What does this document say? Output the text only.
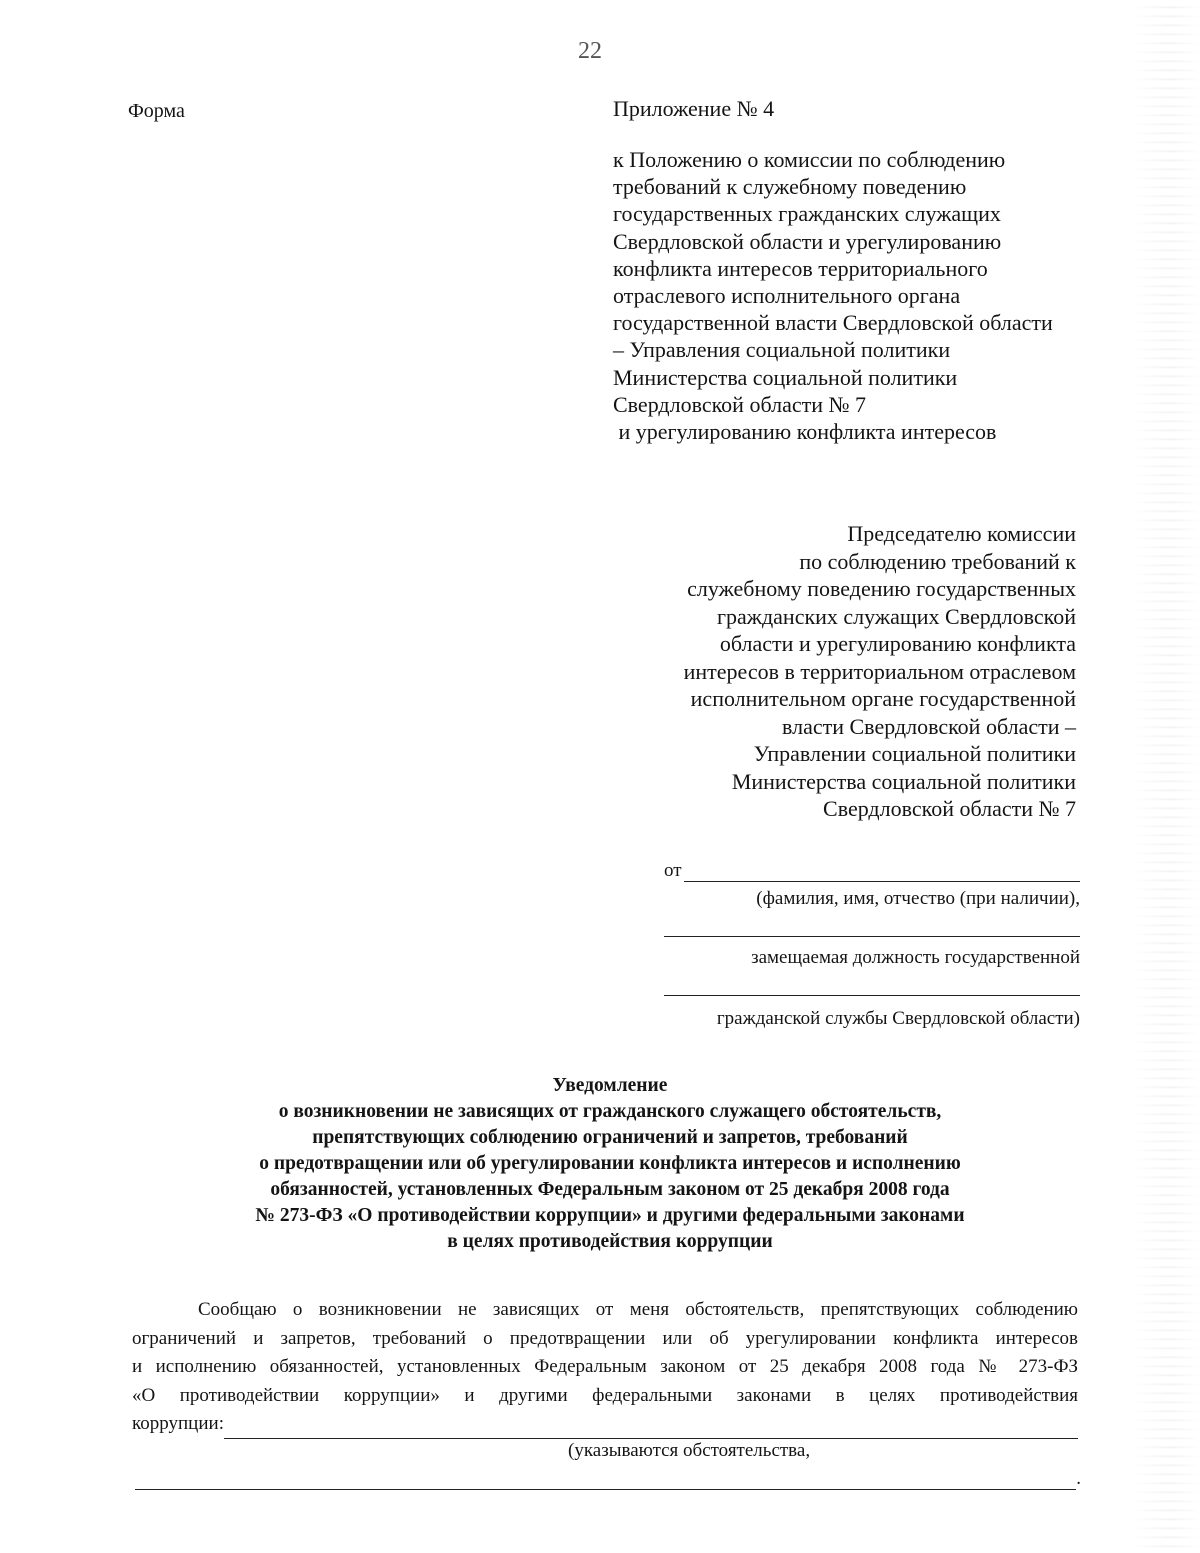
22
Форма	Приложение № 4
к Положению о комиссии по соблюдению
требований к служебному поведению
государственных гражданских служащих
Свердловской области и урегулированию
конфликта интересов территориального
отраслевого исполнительного органа
государственной власти Свердловской области
– Управления социальной политики
Министерства социальной политики
Свердловской области № 7
и урегулированию конфликта интересов
Председателю комиссии
по соблюдению требований к
служебному поведению государственных
гражданских служащих Свердловской
области и урегулированию конфликта
интересов в территориальном отраслевом
исполнительном органе государственной
власти Свердловской области –
Управлении социальной политики
Министерства социальной политики
Свердловской области № 7
от
(фамилия, имя, отчество (при наличии),
замещаемая должность государственной
гражданской службы Свердловской области)
Уведомление
о возникновении не зависящих от гражданского служащего обстоятельств,
препятствующих соблюдению ограничений и запретов, требований
о предотвращении или об урегулировании конфликта интересов и исполнению
обязанностей, установленных Федеральным законом от 25 декабря 2008 года
№ 273-ФЗ «О противодействии коррупции» и другими федеральными законами
в целях противодействия коррупции
Сообщаю о возникновении не зависящих от меня обстоятельств, препятствующих соблюдению
ограничений и запретов, требований о предотвращении или об урегулировании конфликта интересов
и исполнению обязанностей, установленных Федеральным законом от 25 декабря 2008 года № 273-ФЗ
«О противодействии коррупции» и другими федеральными законами в целях противодействия
коррупции:
(указываются обстоятельства,
.
